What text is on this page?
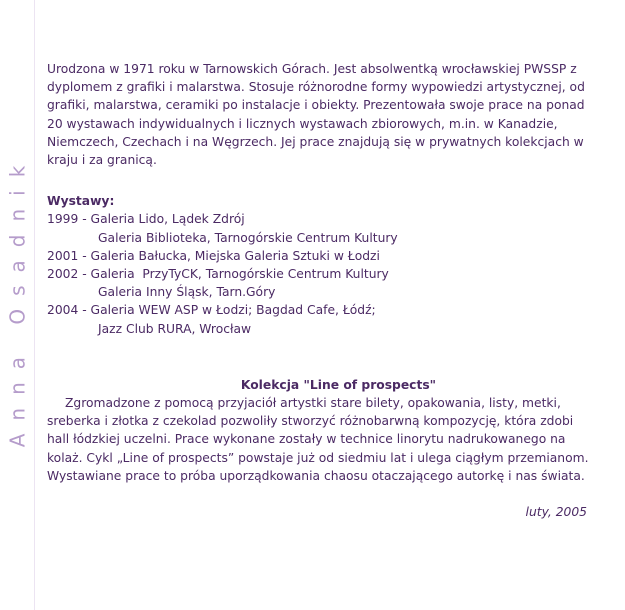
Anna Osadnik

Urodzona w 1971 roku w Tarnowskich Górach. Jest absolwentką wrocławskiej PWSSP z dyplomem z grafiki i malarstwa. Stosuje różnorodne formy wypowiedzi artystycznej, od grafiki, malarstwa, ceramiki po instalacje i obiekty. Prezentowała swoje prace na ponad 20 wystawach indywidualnych i licznych wystawach zbiorowych, m.in. w Kanadzie, Niemczech, Czechach i na Węgrzech. Jej prace znajdują się w prywatnych kolekcjach w kraju i za granicą.

Wystawy:
1999 - Galeria Lido, Lądek Zdrój
Galeria Biblioteka, Tarnogórskie Centrum Kultury
2001 - Galeria Bałucka, Miejska Galeria Sztuki w Łodzi
2002 - Galeria  PrzyTyCK, Tarnogórskie Centrum Kultury
Galeria Inny Śląsk, Tarn.Góry
2004 - Galeria WEW ASP w Łodzi; Bagdad Cafe, Łódź;
Jazz Club RURA, Wrocław
Kolekcja "Line of prospects"

Zgromadzone z pomocą przyjaciół artystki stare bilety, opakowania, listy, metki, sreberka i złotka z czekolad pozwoliły stworzyć różnobarwną kompozycję, która zdobi hall łódzkiej uczelni. Prace wykonane zostały w technice linorytu nadrukowanego na kolaż. Cykl „Line of prospects” powstaje już od siedmiu lat i ulega ciągłym przemianom. Wystawiane prace to próba uporządkowania chaosu otaczającego autorkę i nas świata.

luty, 2005
